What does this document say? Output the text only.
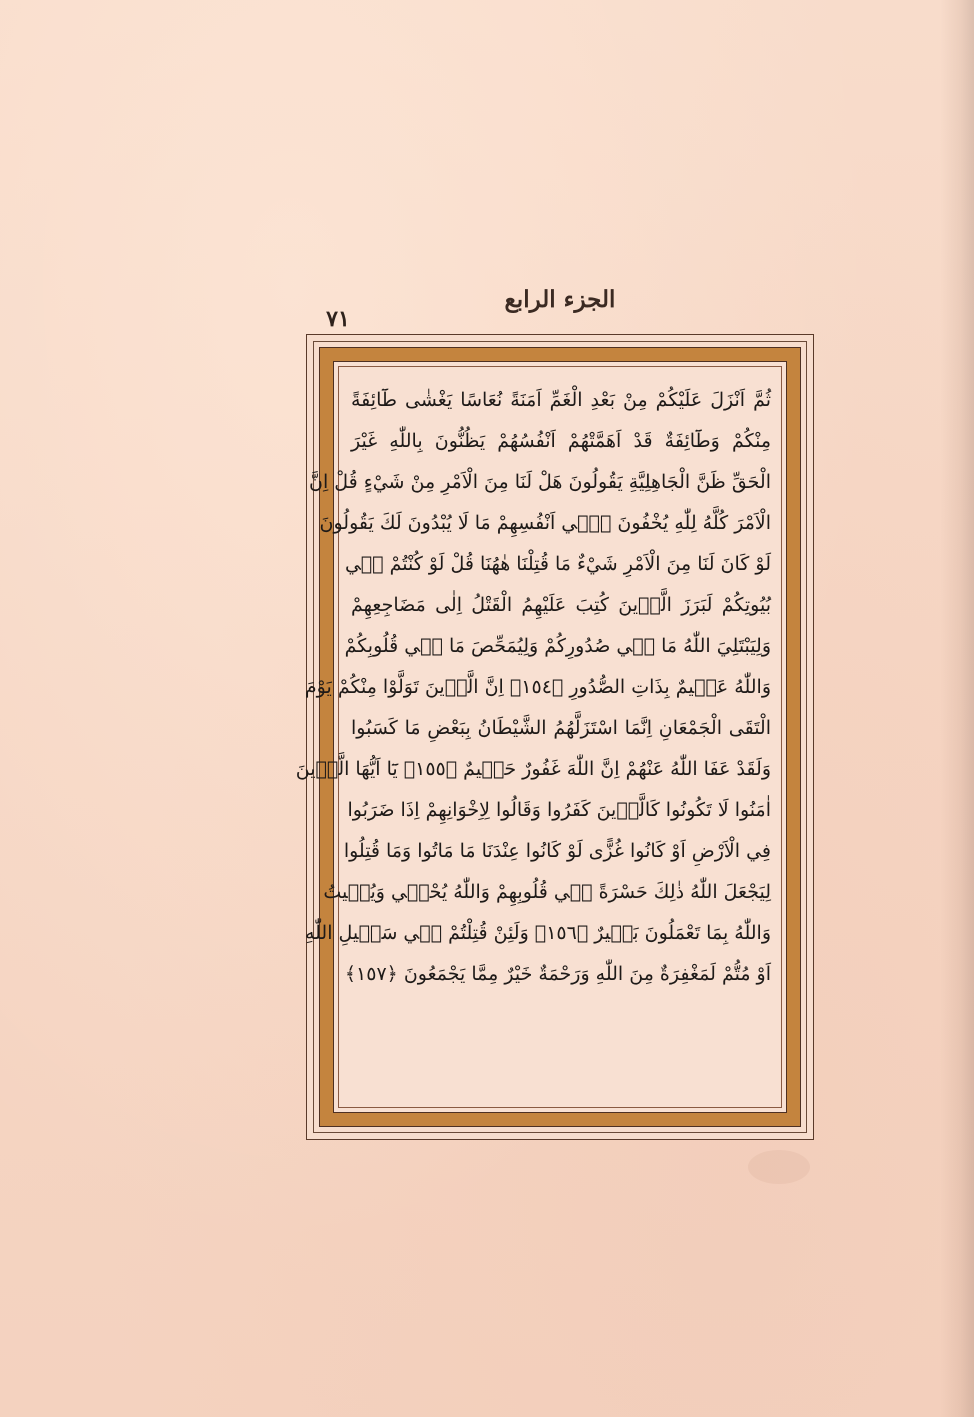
الجزء الرابع
٧١
ثُمَّ اَنْزَلَ عَلَيْكُمْ مِنْ بَعْدِ الْغَمِّ اَمَنَةً نُعَاسًا يَغْشٰى طَٓائِفَةً
مِنْكُمْ وَطَٓائِفَةٌ قَدْ اَهَمَّتْهُمْ اَنْفُسُهُمْ يَظُنُّونَ بِاللّٰهِ غَيْرَ
الْحَقِّ ظَنَّ الْجَاهِلِيَّةِ يَقُولُونَ هَلْ لَنَا مِنَ الْاَمْرِ مِنْ شَيْءٍ قُلْ اِنَّ
الْاَمْرَ كُلَّهُ لِلّٰهِ يُخْفُونَ فٖٓي اَنْفُسِهِمْ مَا لَا يُبْدُونَ لَكَ يَقُولُونَ
لَوْ كَانَ لَنَا مِنَ الْاَمْرِ شَيْءٌ مَا قُتِلْنَا هٰهُنَا قُلْ لَوْ كُنْتُمْ فٖي
بُيُوتِكُمْ لَبَرَزَ الَّذٖينَ كُتِبَ عَلَيْهِمُ الْقَتْلُ اِلٰى مَضَاجِعِهِمْ
وَلِيَبْتَلِيَ اللّٰهُ مَا فٖي صُدُورِكُمْ وَلِيُمَحِّصَ مَا فٖي قُلُوبِكُمْ
وَاللّٰهُ عَلٖيمٌ بِذَاتِ الصُّدُورِ ﴿١٥٤﴾ اِنَّ الَّذٖينَ تَوَلَّوْا مِنْكُمْ يَوْمَ
الْتَقَى الْجَمْعَانِ اِنَّمَا اسْتَزَلَّهُمُ الشَّيْطَانُ بِبَعْضِ مَا كَسَبُوا
وَلَقَدْ عَفَا اللّٰهُ عَنْهُمْ اِنَّ اللّٰهَ غَفُورٌ حَلٖيمٌ ﴿١٥٥﴾ يَٓا اَيُّهَا الَّذٖينَ
اٰمَنُوا لَا تَكُونُوا كَالَّذٖينَ كَفَرُوا وَقَالُوا لِاِخْوَانِهِمْ اِذَا ضَرَبُوا
فِي الْاَرْضِ اَوْ كَانُوا غُزًّى لَوْ كَانُوا عِنْدَنَا مَا مَاتُوا وَمَا قُتِلُوا
لِيَجْعَلَ اللّٰهُ ذٰلِكَ حَسْرَةً فٖي قُلُوبِهِمْ وَاللّٰهُ يُحْيٖي وَيُمٖيتُ
وَاللّٰهُ بِمَا تَعْمَلُونَ بَصٖيرٌ ﴿١٥٦﴾ وَلَئِنْ قُتِلْتُمْ فٖي سَبٖيلِ اللّٰهِ
اَوْ مُتُّمْ لَمَغْفِرَةٌ مِنَ اللّٰهِ وَرَحْمَةٌ خَيْرٌ مِمَّا يَجْمَعُونَ ﴿١٥٧﴾
